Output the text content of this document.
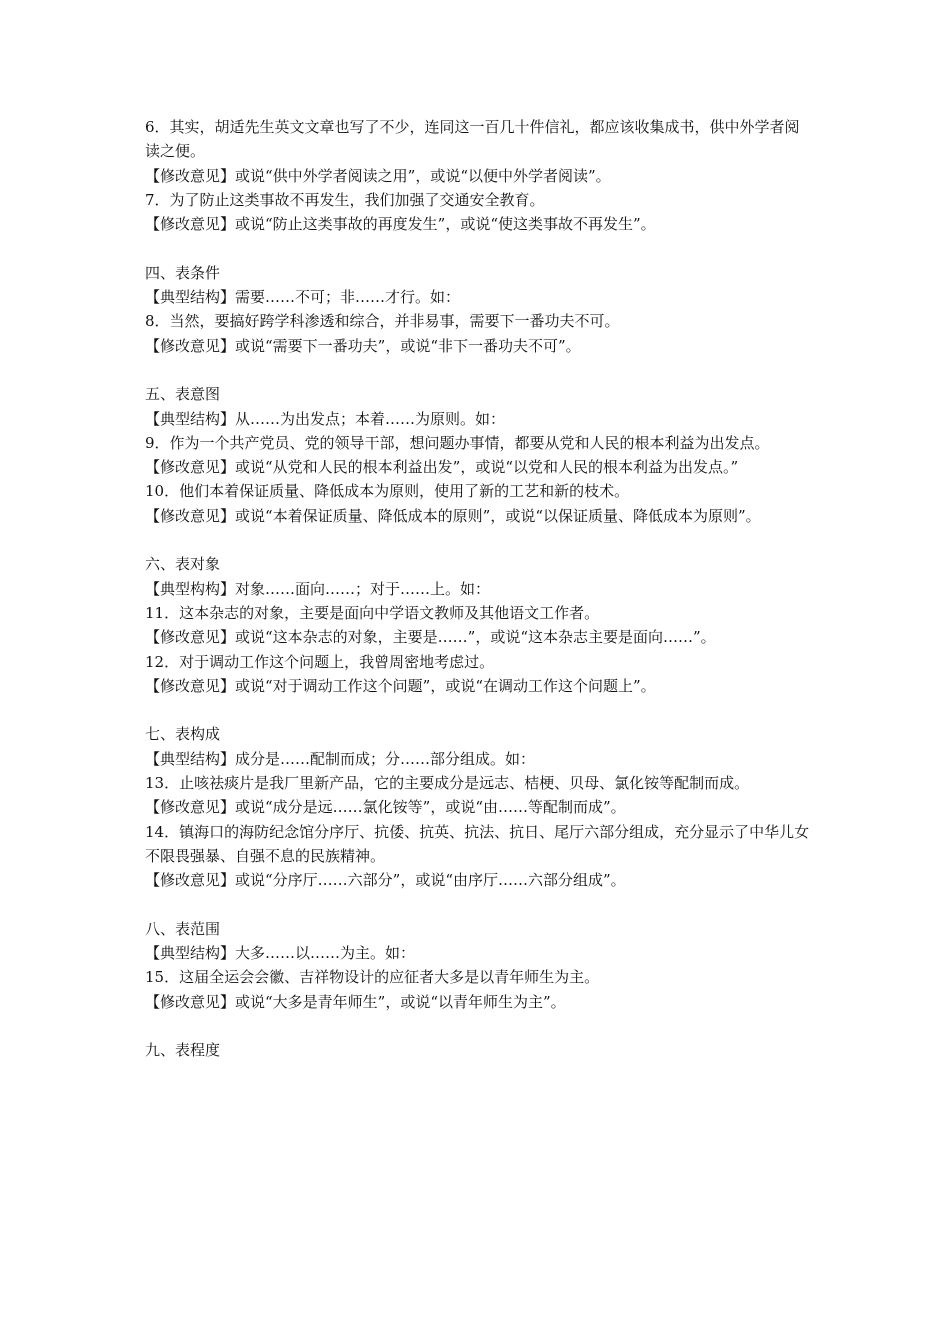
6．其实，胡适先生英文文章也写了不少，连同这一百几十件信礼，都应该收集成书，供中外学者阅读之便。
【修改意见】或说“供中外学者阅读之用”，或说“以便中外学者阅读”。
7．为了防止这类事故不再发生，我们加强了交通安全教育。
【修改意见】或说“防止这类事故的再度发生”，或说“使这类事故不再发生”。
四、表条件
【典型结构】需要……不可；非……才行。如：
8．当然，要搞好跨学科渗透和综合，并非易事，需要下一番功夫不可。
【修改意见】或说“需要下一番功夫”，或说“非下一番功夫不可”。
五、表意图
【典型结构】从……为出发点；本着……为原则。如：
9．作为一个共产党员、党的领导干部，想问题办事情，都要从党和人民的根本利益为出发点。
【修改意见】或说“从党和人民的根本利益出发”，或说“以党和人民的根本利益为出发点。”
10．他们本着保证质量、降低成本为原则，使用了新的工艺和新的枝术。
【修改意见】或说“本着保证质量、降低成本的原则”，或说“以保证质量、降低成本为原则”。
六、表对象
【典型构构】对象……面向……；对于……上。如：
11．这本杂志的对象，主要是面向中学语文教师及其他语文工作者。
【修改意见】或说“这本杂志的对象，主要是……”，或说“这本杂志主要是面向……”。
12．对于调动工作这个问题上，我曾周密地考虑过。
【修改意见】或说“对于调动工作这个问题”，或说“在调动工作这个问题上”。
七、表构成
【典型结构】成分是……配制而成；分……部分组成。如：
13．止咳祛痰片是我厂里新产品，它的主要成分是远志、桔梗、贝母、氯化铵等配制而成。
【修改意见】或说“成分是远……氯化铵等”，或说“由……等配制而成”。
14．镇海口的海防纪念馆分序厅、抗倭、抗英、抗法、抗日、尾厅六部分组成，充分显示了中华儿女不限畏强暴、自强不息的民族精神。
【修改意见】或说“分序厅……六部分”，或说“由序厅……六部分组成”。
八、表范围
【典型结构】大多……以……为主。如：
15．这届全运会会徽、吉祥物设计的应征者大多是以青年师生为主。
【修改意见】或说“大多是青年师生”，或说“以青年师生为主”。
九、表程度
